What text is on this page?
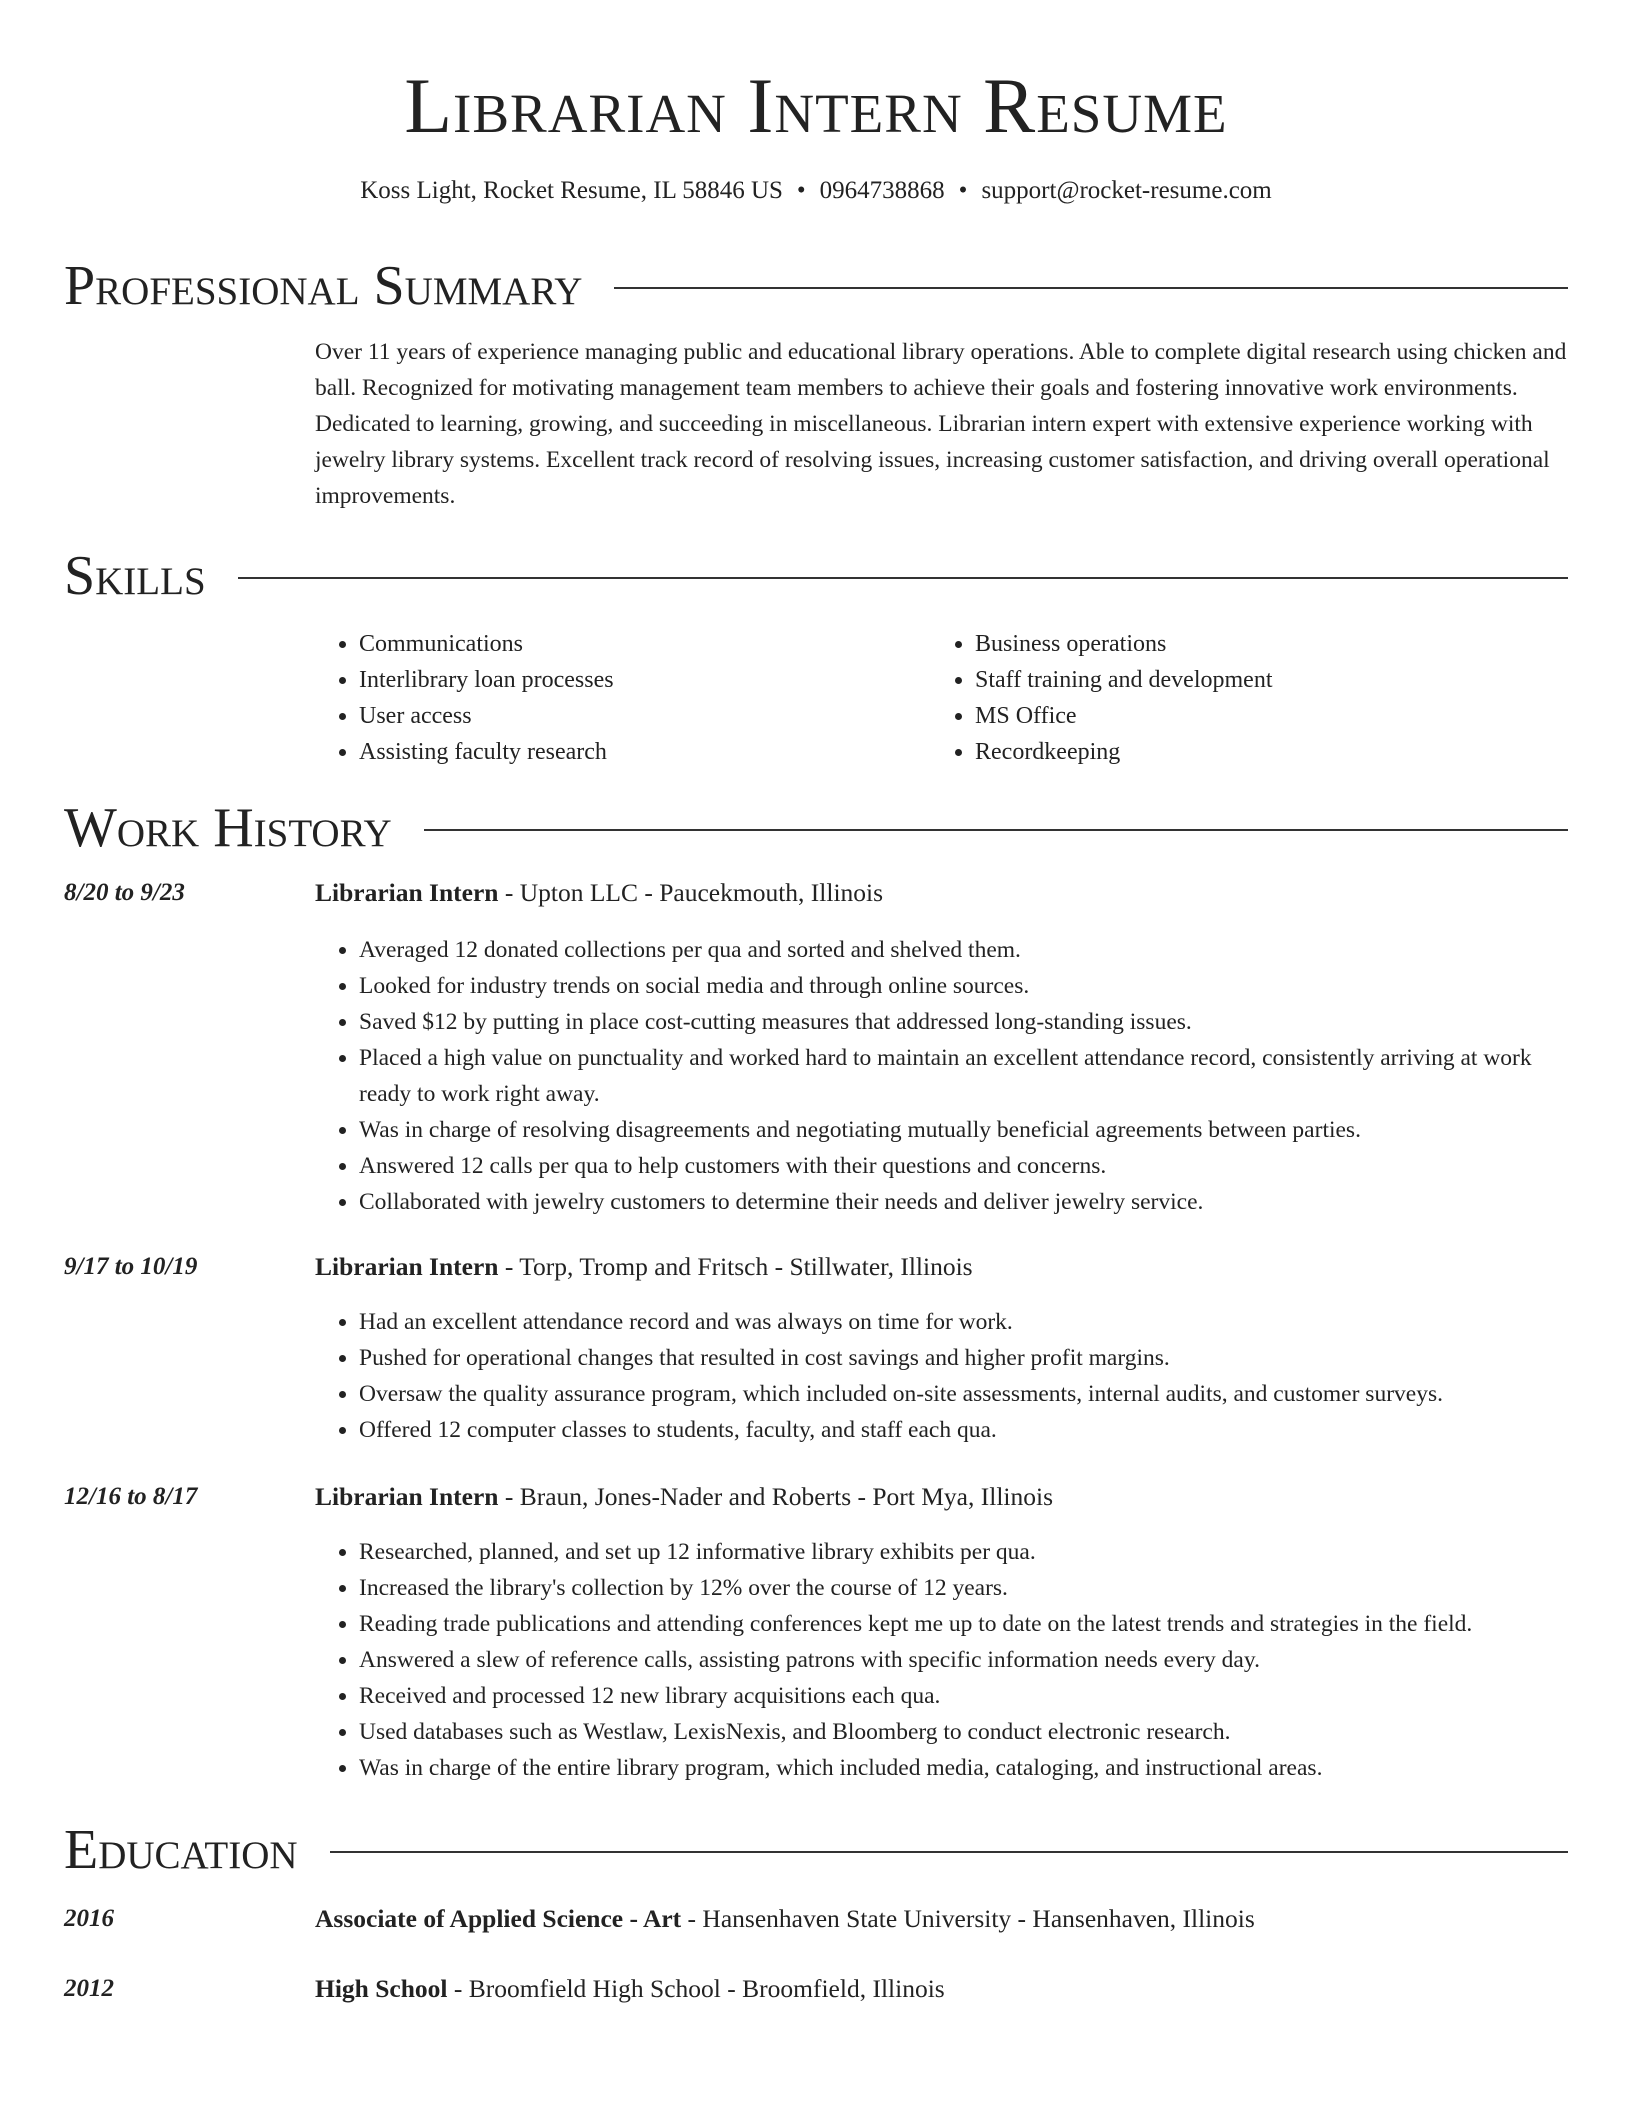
Librarian Intern Resume
Koss Light, Rocket Resume, IL 58846 US • 0964738868 • support@rocket-resume.com
Professional Summary
Over 11 years of experience managing public and educational library operations. Able to complete digital research using chicken and ball. Recognized for motivating management team members to achieve their goals and fostering innovative work environments. Dedicated to learning, growing, and succeeding in miscellaneous. Librarian intern expert with extensive experience working with jewelry library systems. Excellent track record of resolving issues, increasing customer satisfaction, and driving overall operational improvements.
Skills
• Communications
• Interlibrary loan processes
• User access
• Assisting faculty research
• Business operations
• Staff training and development
• MS Office
• Recordkeeping
Work History
8/20 to 9/23	Librarian Intern - Upton LLC - Paucekmouth, Illinois
• Averaged 12 donated collections per qua and sorted and shelved them.
• Looked for industry trends on social media and through online sources.
• Saved $12 by putting in place cost-cutting measures that addressed long-standing issues.
• Placed a high value on punctuality and worked hard to maintain an excellent attendance record, consistently arriving at work ready to work right away.
• Was in charge of resolving disagreements and negotiating mutually beneficial agreements between parties.
• Answered 12 calls per qua to help customers with their questions and concerns.
• Collaborated with jewelry customers to determine their needs and deliver jewelry service.
9/17 to 10/19	Librarian Intern - Torp, Tromp and Fritsch - Stillwater, Illinois
• Had an excellent attendance record and was always on time for work.
• Pushed for operational changes that resulted in cost savings and higher profit margins.
• Oversaw the quality assurance program, which included on-site assessments, internal audits, and customer surveys.
• Offered 12 computer classes to students, faculty, and staff each qua.
12/16 to 8/17	Librarian Intern - Braun, Jones-Nader and Roberts - Port Mya, Illinois
• Researched, planned, and set up 12 informative library exhibits per qua.
• Increased the library's collection by 12% over the course of 12 years.
• Reading trade publications and attending conferences kept me up to date on the latest trends and strategies in the field.
• Answered a slew of reference calls, assisting patrons with specific information needs every day.
• Received and processed 12 new library acquisitions each qua.
• Used databases such as Westlaw, LexisNexis, and Bloomberg to conduct electronic research.
• Was in charge of the entire library program, which included media, cataloging, and instructional areas.
Education
2016	Associate of Applied Science - Art - Hansenhaven State University - Hansenhaven, Illinois
2012	High School - Broomfield High School - Broomfield, Illinois
